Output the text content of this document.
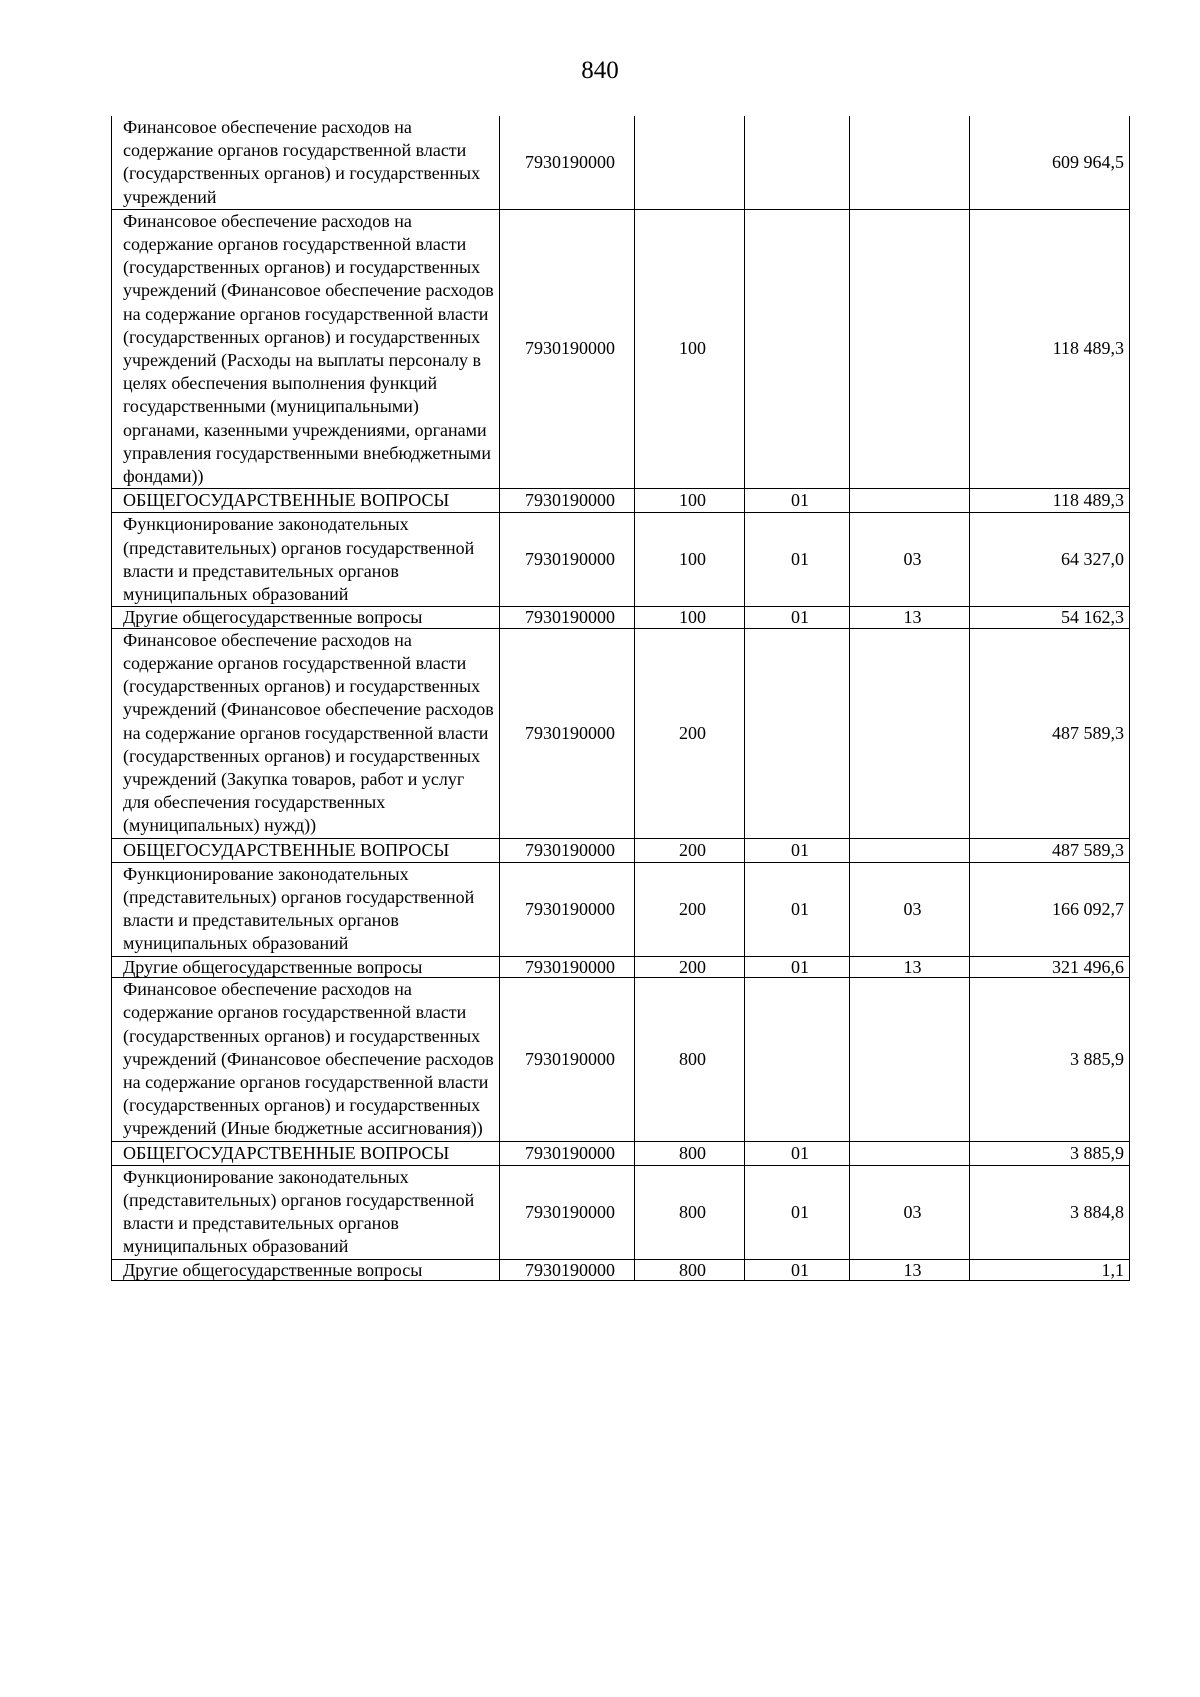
840
Финансовое обеспечение расходов на содержание органов государственной власти (государственных органов) и государственных учреждений	7930190000				609 964,5
Финансовое обеспечение расходов на содержание органов государственной власти (государственных органов) и государственных учреждений (Финансовое обеспечение расходов на содержание органов государственной власти (государственных органов) и государственных учреждений (Расходы на выплаты персоналу в целях обеспечения выполнения функций государственными (муниципальными) органами, казенными учреждениями, органами управления государственными внебюджетными фондами))	7930190000	100			118 489,3
ОБЩЕГОСУДАРСТВЕННЫЕ ВОПРОСЫ	7930190000	100	01		118 489,3
Функционирование законодательных (представительных) органов государственной власти и представительных органов муниципальных образований	7930190000	100	01	03	64 327,0
Другие общегосударственные вопросы	7930190000	100	01	13	54 162,3
Финансовое обеспечение расходов на содержание органов государственной власти (государственных органов) и государственных учреждений (Финансовое обеспечение расходов на содержание органов государственной власти (государственных органов) и государственных учреждений (Закупка товаров, работ и услуг для обеспечения государственных (муниципальных) нужд))	7930190000	200			487 589,3
ОБЩЕГОСУДАРСТВЕННЫЕ ВОПРОСЫ	7930190000	200	01		487 589,3
Функционирование законодательных (представительных) органов государственной власти и представительных органов муниципальных образований	7930190000	200	01	03	166 092,7
Другие общегосударственные вопросы	7930190000	200	01	13	321 496,6
Финансовое обеспечение расходов на содержание органов государственной власти (государственных органов) и государственных учреждений (Финансовое обеспечение расходов на содержание органов государственной власти (государственных органов) и государственных учреждений (Иные бюджетные ассигнования))	7930190000	800			3 885,9
ОБЩЕГОСУДАРСТВЕННЫЕ ВОПРОСЫ	7930190000	800	01		3 885,9
Функционирование законодательных (представительных) органов государственной власти и представительных органов муниципальных образований	7930190000	800	01	03	3 884,8
Другие общегосударственные вопросы	7930190000	800	01	13	1,1
